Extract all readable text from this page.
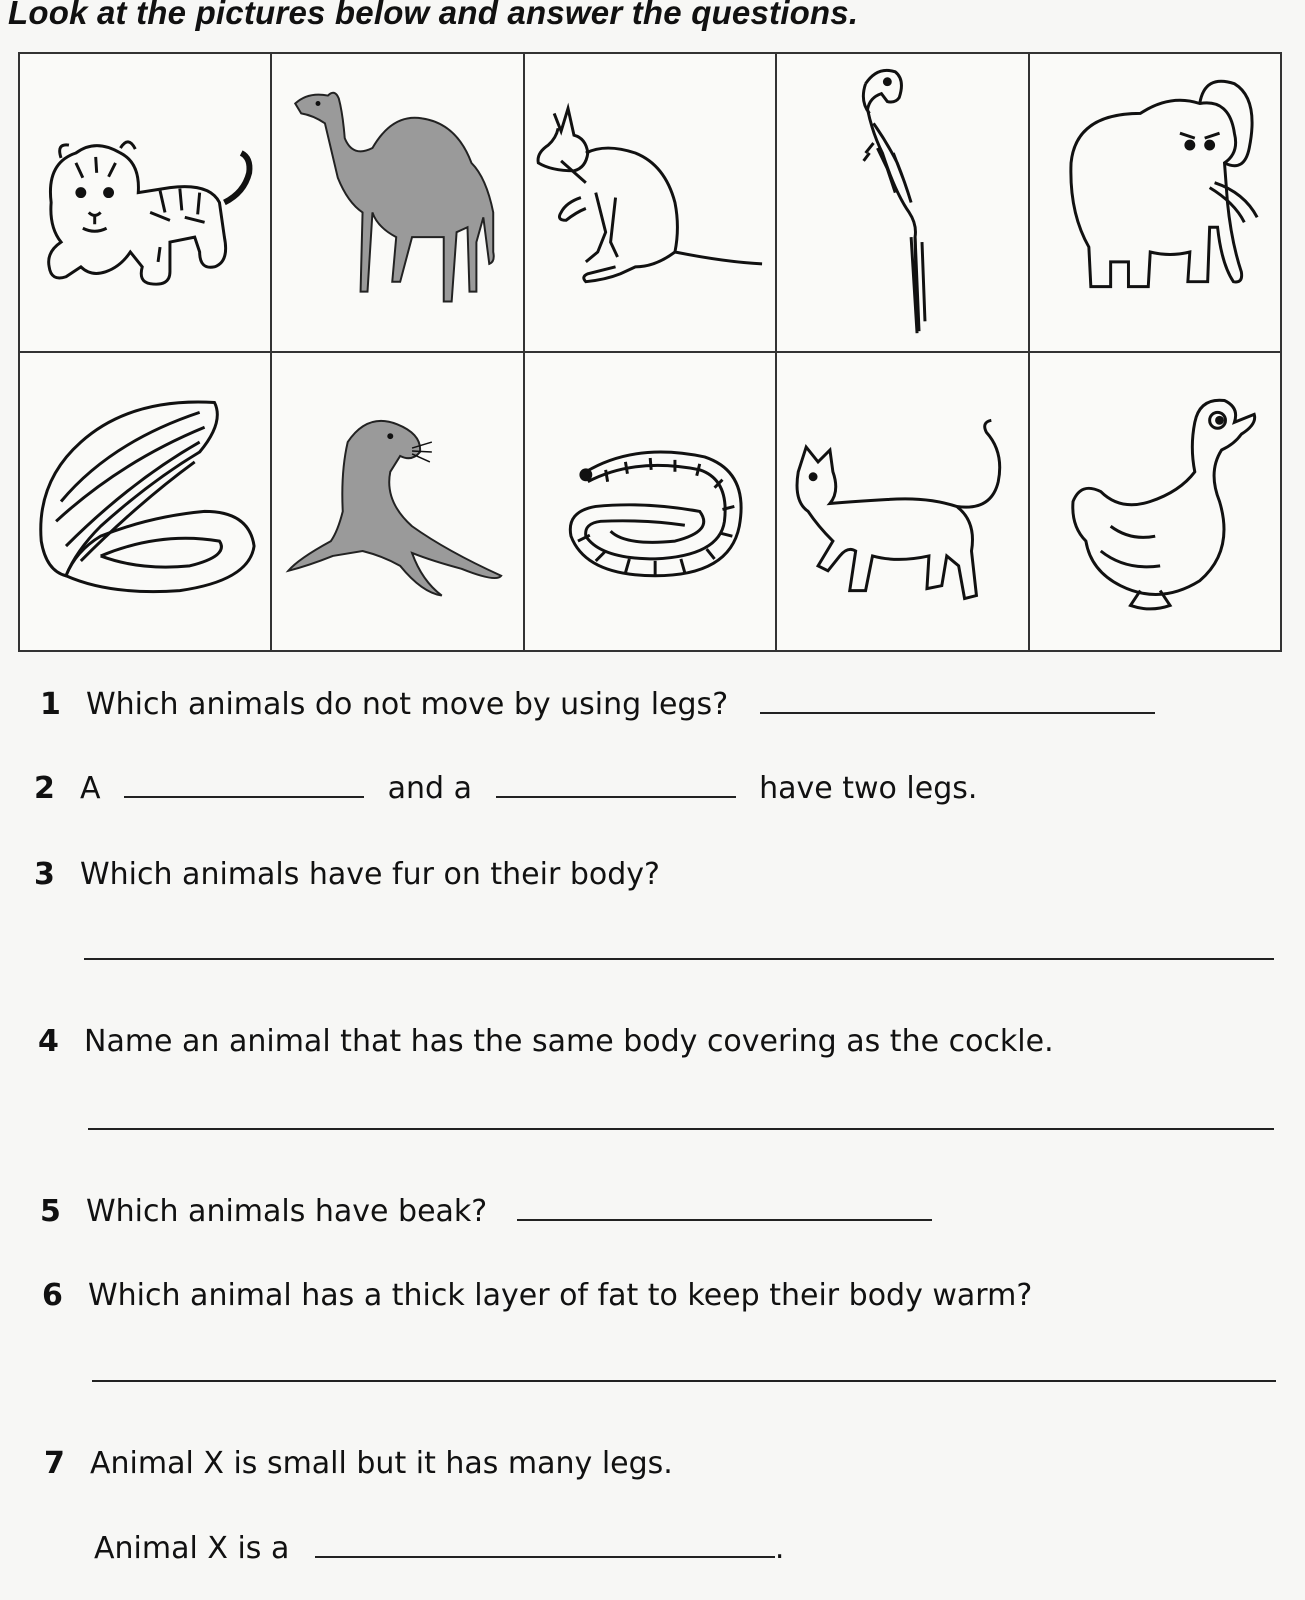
Look at the pictures below and answer the questions.
1 Which animals do not move by using legs?
2 A	and a	have two legs.
3 Which animals have fur on their body?
4 Name an animal that has the same body covering as the cockle.
5 Which animals have beak?
6 Which animal has a thick layer of fat to keep their body warm?
7 Animal X is small but it has many legs.
Animal X is a	.
